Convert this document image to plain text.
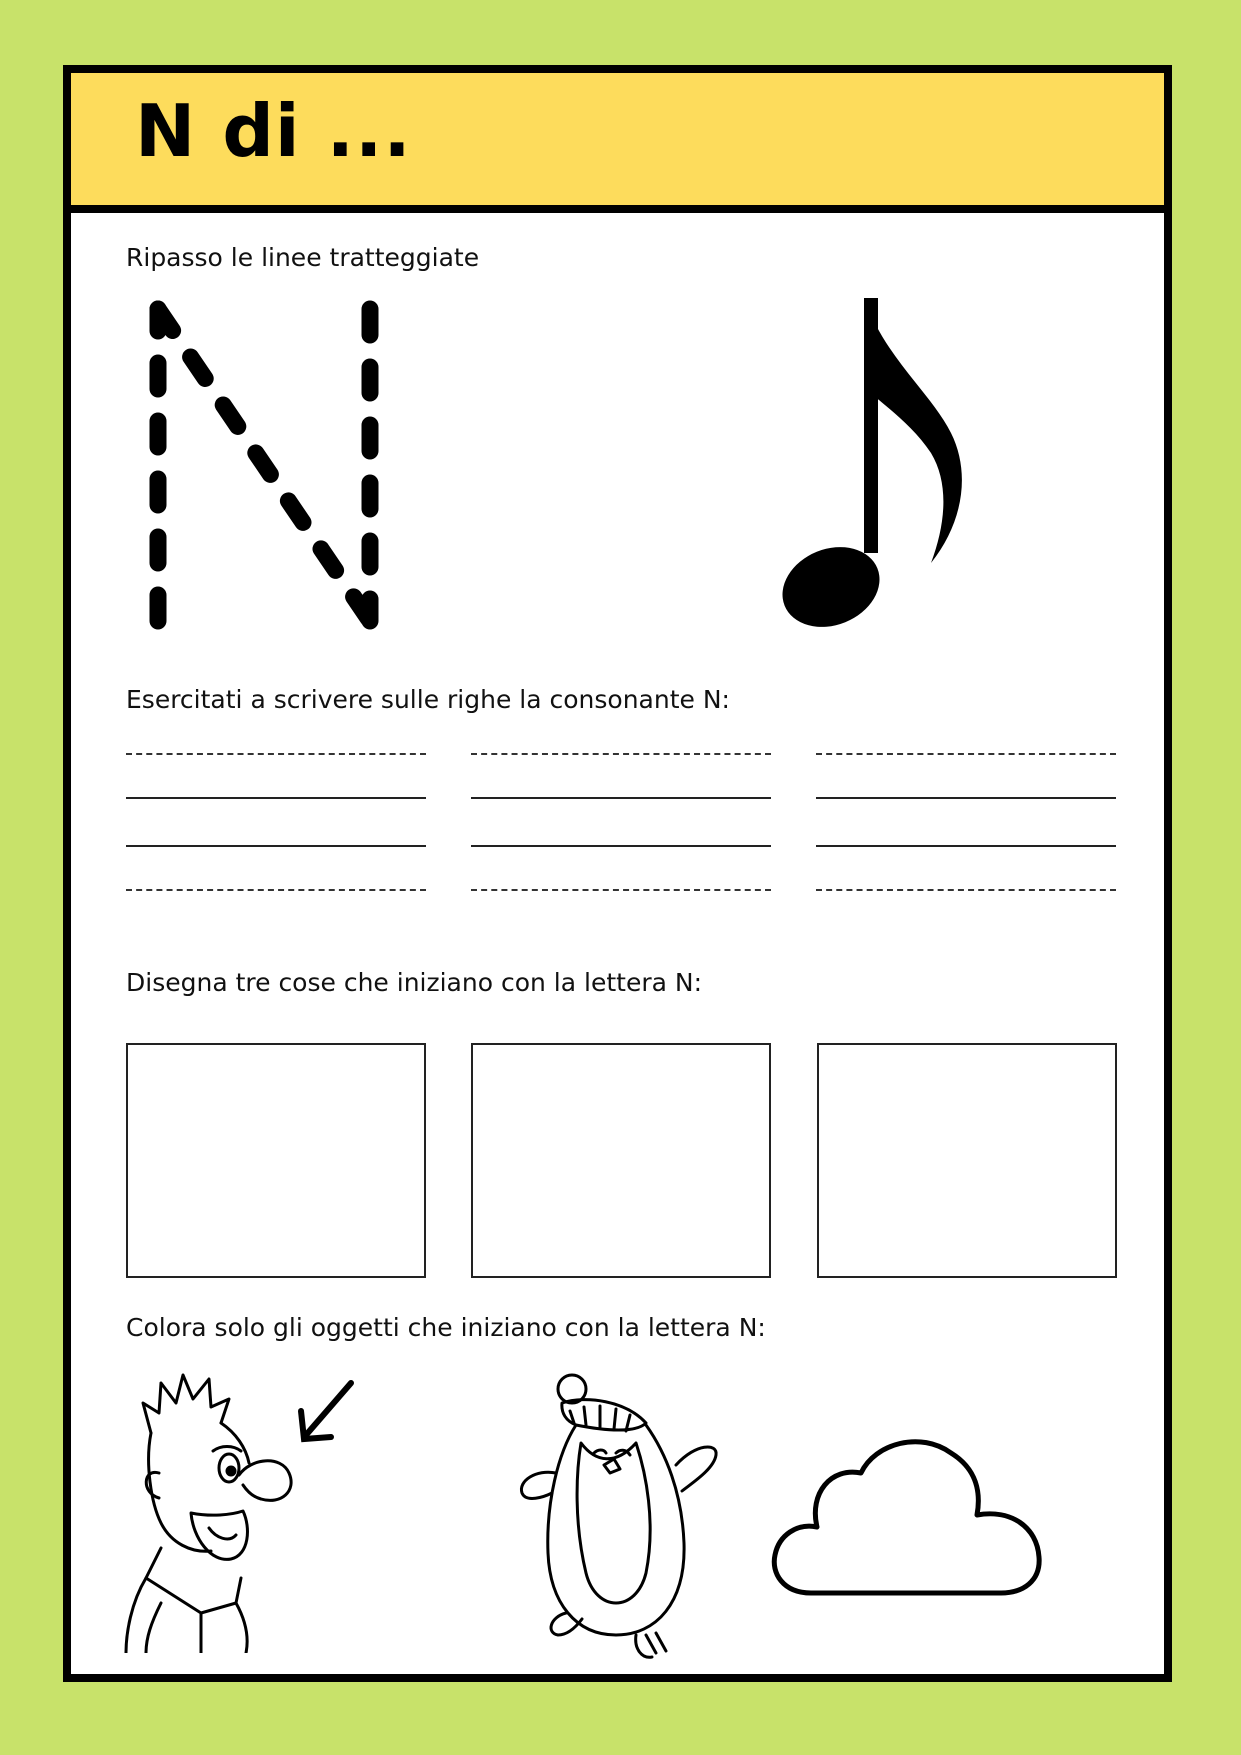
N di ...
Ripasso le linee tratteggiate
Esercitati a scrivere sulle righe la consonante N:
Disegna tre cose che iniziano con la lettera N:
Colora solo gli oggetti che iniziano con la lettera N:
